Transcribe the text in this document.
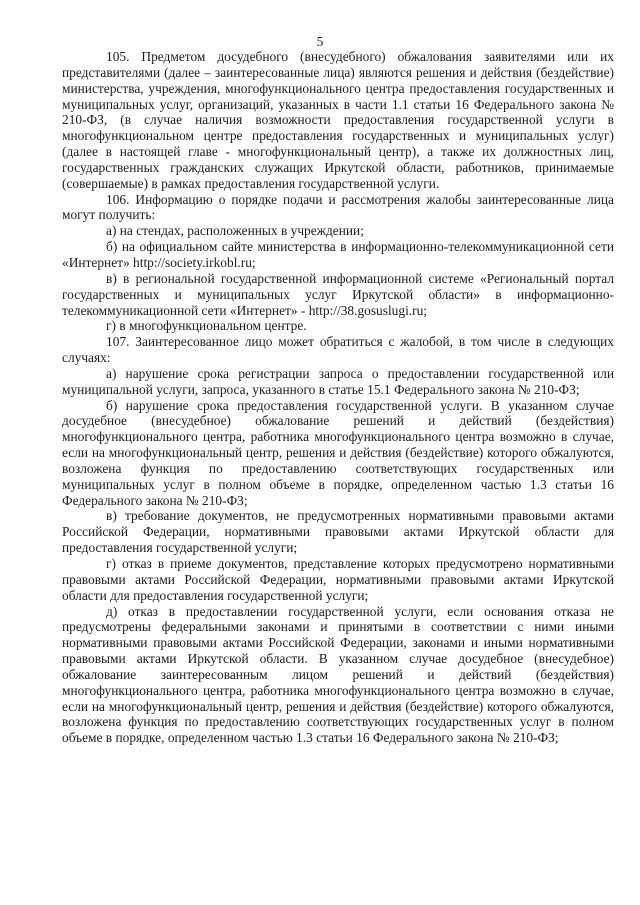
5

105. Предметом досудебного (внесудебного) обжалования заявителями или их представителями (далее – заинтересованные лица) являются решения и действия (бездействие) министерства, учреждения, многофункционального центра предоставления государственных и муниципальных услуг, организаций, указанных в части 1.1 статьи 16 Федерального закона № 210-ФЗ, (в случае наличия возможности предоставления государственной услуги в многофункциональном центре предоставления государственных и муниципальных услуг) (далее в настоящей главе - многофункциональный центр), а также их должностных лиц, государственных гражданских служащих Иркутской области, работников, принимаемые (совершаемые) в рамках предоставления государственной услуги.

106. Информацию о порядке подачи и рассмотрения жалобы заинтересованные лица могут получить:

а) на стендах, расположенных в учреждении;

б) на официальном сайте министерства в информационно-телекоммуникационной сети «Интернет» http://society.irkobl.ru;

в) в региональной государственной информационной системе «Региональный портал государственных и муниципальных услуг Иркутской области» в информационно-телекоммуникационной сети «Интернет» - http://38.gosuslugi.ru;

г) в многофункциональном центре.

107. Заинтересованное лицо может обратиться с жалобой, в том числе в следующих случаях:

а) нарушение срока регистрации запроса о предоставлении государственной или муниципальной услуги, запроса, указанного в статье 15.1 Федерального закона № 210-ФЗ;

б) нарушение срока предоставления государственной услуги. В указанном случае досудебное (внесудебное) обжалование решений и действий (бездействия) многофункционального центра, работника многофункционального центра возможно в случае, если на многофункциональный центр, решения и действия (бездействие) которого обжалуются, возложена функция по предоставлению соответствующих государственных или муниципальных услуг в полном объеме в порядке, определенном частью 1.3 статьи 16 Федерального закона № 210-ФЗ;

в) требование документов, не предусмотренных нормативными правовыми актами Российской Федерации, нормативными правовыми актами Иркутской области для предоставления государственной услуги;

г) отказ в приеме документов, представление которых предусмотрено нормативными правовыми актами Российской Федерации, нормативными правовыми актами Иркутской области для предоставления государственной услуги;

д) отказ в предоставлении государственной услуги, если основания отказа не предусмотрены федеральными законами и принятыми в соответствии с ними иными нормативными правовыми актами Российской Федерации, законами и иными нормативными правовыми актами Иркутской области. В указанном случае досудебное (внесудебное) обжалование заинтересованным лицом решений и действий (бездействия) многофункционального центра, работника многофункционального центра возможно в случае, если на многофункциональный центр, решения и действия (бездействие) которого обжалуются, возложена функция по предоставлению соответствующих государственных услуг в полном объеме в порядке, определенном частью 1.3 статьи 16 Федерального закона № 210-ФЗ;
